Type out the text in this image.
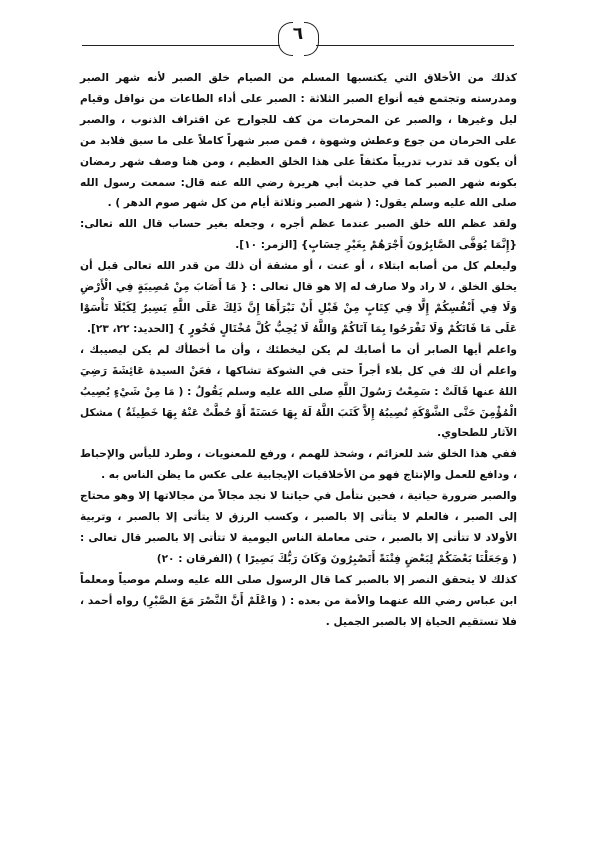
٦

كذلك من الأخلاق التي يكتسبها المسلم من الصيام خلق الصبر لأنه شهر الصبر ومدرسته وتجتمع فيه أنواع الصبر الثلاثة : الصبر على أداء الطاعات من نوافل وقيام ليل وغيرها ، والصبر عن المحرمات من كف للجوارح عن اقتراف الذنوب ، والصبر على الحرمان من جوع وعطش وشهوة ، فمن صبر شهراً كاملاً على ما سبق فلابد من أن يكون قد تدرب تدريباً مكثفاً على هذا الخلق العظيم ، ومن هنا وصف شهر رمضان بكونه شهر الصبر كما في حديث أبي هريرة رضي الله عنه قال: سمعت رسول الله صلى الله عليه وسلم يقول: ( شهر الصبر وثلاثة أيام من كل شهر صوم الدهر ) .

ولقد عظم الله خلق الصبر عندما عظم أجره ، وجعله بغير حساب قال الله تعالى: {إِنَّمَا يُوَفَّى الصَّابِرُونَ أَجْرَهُمْ بِغَيْرِ حِسَابٍ} [الزمر: ١٠].

وليعلم كل من أصابه ابتلاء ، أو عنت ، أو مشقة أن ذلك من قدر الله تعالى قبل أن يخلق الخلق ، لا راد ولا صارف له إلا هو قال تعالى : { مَا أَصَابَ مِنْ مُصِيبَةٍ فِي الْأَرْضِ وَلَا فِي أَنْفُسِكُمْ إِلَّا فِي كِتَابٍ مِنْ قَبْلِ أَنْ نَبْرَأَهَا إِنَّ ذَلِكَ عَلَى اللَّهِ يَسِيرٌ لِكَيْلَا تَأْسَوْا عَلَى مَا فَاتَكُمْ وَلَا تَفْرَحُوا بِمَا آتَاكُمْ وَاللَّهُ لَا يُحِبُّ كُلَّ مُخْتَالٍ فَخُورٍ } [الحديد: ٢٢، ٢٣].

واعلم أيها الصابر أن ما أصابك لم يكن ليخطئك ، وأن ما أخطأك لم يكن ليصيبك ، واعلم أن لك في كل بلاء أجراً حتى في الشوكة تشاكها ، فعَنْ السيدة عَائِشَةَ رَضِيَ اللهُ عنها قَالَتْ : سَمِعْتُ رَسُولَ اللَّهِ صلى الله عليه وسلم يَقُولُ : ( مَا مِنْ شَيْءٍ يُصِيبُ الْمُؤْمِنَ حَتَّى الشَّوْكَةِ تُصِيبُهُ إِلاَّ كَتَبَ اللَّهُ لَهُ بِهَا حَسَنَةً أَوْ حُطَّتْ عَنْهُ بِهَا خَطِيئَةٌ ) مشكل الآثار للطحاوي.

ففي هذا الخلق شد للعزائم ، وشحذ للهمم ، ورفع للمعنويات ، وطرد لليأس والإحباط ، ودافع للعمل والإنتاج فهو من الأخلاقيات الإيجابية على عكس ما يظن الناس به .

والصبر ضرورة حياتية ، فحين نتأمل في حياتنا لا نجد مجالاً من مجالاتها إلا وهو محتاج إلى الصبر ، فالعلم لا يتأتى إلا بالصبر ، وكسب الرزق لا يتأتى إلا بالصبر ، وتربية الأولاد لا تتأتى إلا بالصبر ، حتى معاملة الناس اليومية لا تتأتى إلا بالصبر قال تعالى : ( وَجَعَلْنَا بَعْضَكُمْ لِبَعْضٍ فِتْنَةً أَتَصْبِرُونَ وَكَانَ رَبُّكَ بَصِيرًا ) (الفرقان : ٢٠)

كذلك لا يتحقق النصر إلا بالصبر كما قال الرسول صلى الله عليه وسلم موصياً ومعلماً ابن عباس رضي الله عنهما والأمة من بعده : ( وَاعْلَمْ أَنَّ النَّصْرَ مَعَ الصَّبْرِ) رواه أحمد ، فلا تستقيم الحياة إلا بالصبر الجميل .
